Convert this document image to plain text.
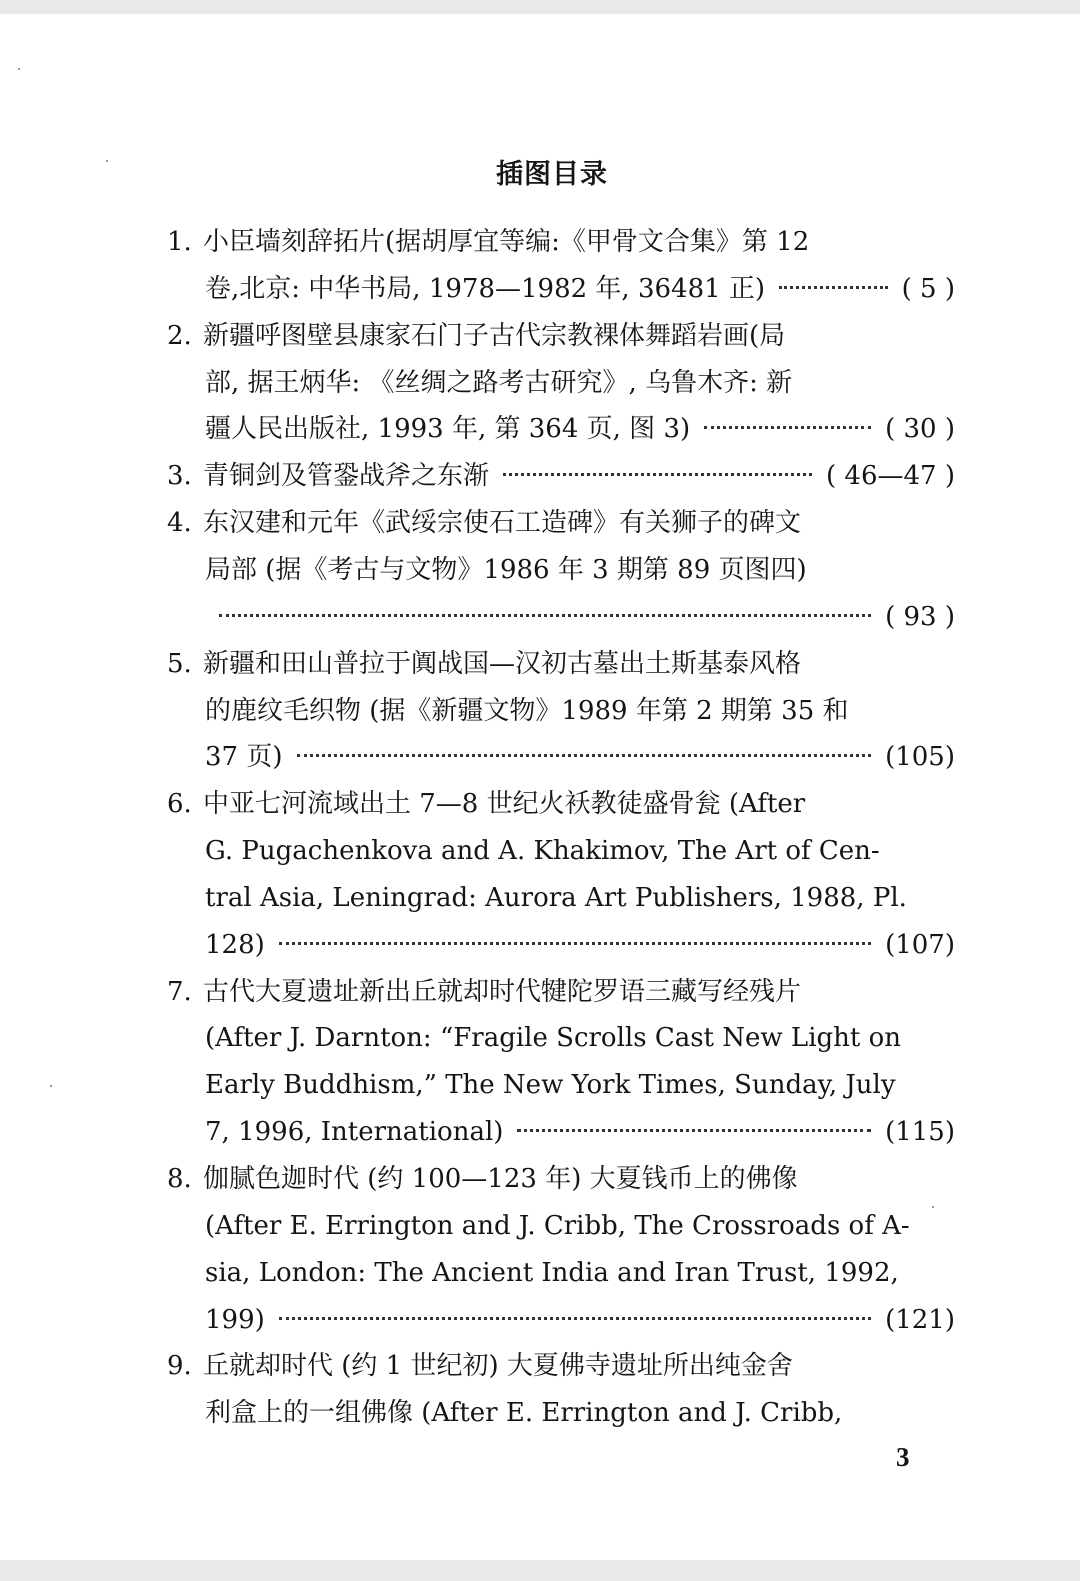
插图目录
1. 小臣墙刻辞拓片(据胡厚宜等编:《甲骨文合集》第 12
卷,北京: 中华书局, 1978—1982 年, 36481 正)	( 5 )
2. 新疆呼图壁县康家石门子古代宗教裸体舞蹈岩画(局
部, 据王炳华: 《丝绸之路考古研究》, 乌鲁木齐: 新
疆人民出版社, 1993 年, 第 364 页, 图 3)	( 30 )
3. 青铜剑及管銎战斧之东渐	( 46—47 )
4. 东汉建和元年《武绥宗使石工造碑》有关狮子的碑文
局部 (据《考古与文物》1986 年 3 期第 89 页图四)
( 93 )
5. 新疆和田山普拉于阗战国—汉初古墓出土斯基泰风格
的鹿纹毛织物 (据《新疆文物》1989 年第 2 期第 35 和
37 页)	(105)
6. 中亚七河流域出土 7—8 世纪火袄教徒盛骨瓮 (After
G. Pugachenkova and A. Khakimov, The Art of Cen-
tral Asia, Leningrad: Aurora Art Publishers, 1988, Pl.
128)	(107)
7. 古代大夏遗址新出丘就却时代犍陀罗语三藏写经残片
(After J. Darnton: “Fragile Scrolls Cast New Light on
Early Buddhism,” The New York Times, Sunday, July
7, 1996, International)	(115)
8. 伽腻色迦时代 (约 100—123 年) 大夏钱币上的佛像
(After E. Errington and J. Cribb, The Crossroads of A-
sia, London: The Ancient India and Iran Trust, 1992,
199)	(121)
9. 丘就却时代 (约 1 世纪初) 大夏佛寺遗址所出纯金舍
利盒上的一组佛像 (After E. Errington and J. Cribb,
3
